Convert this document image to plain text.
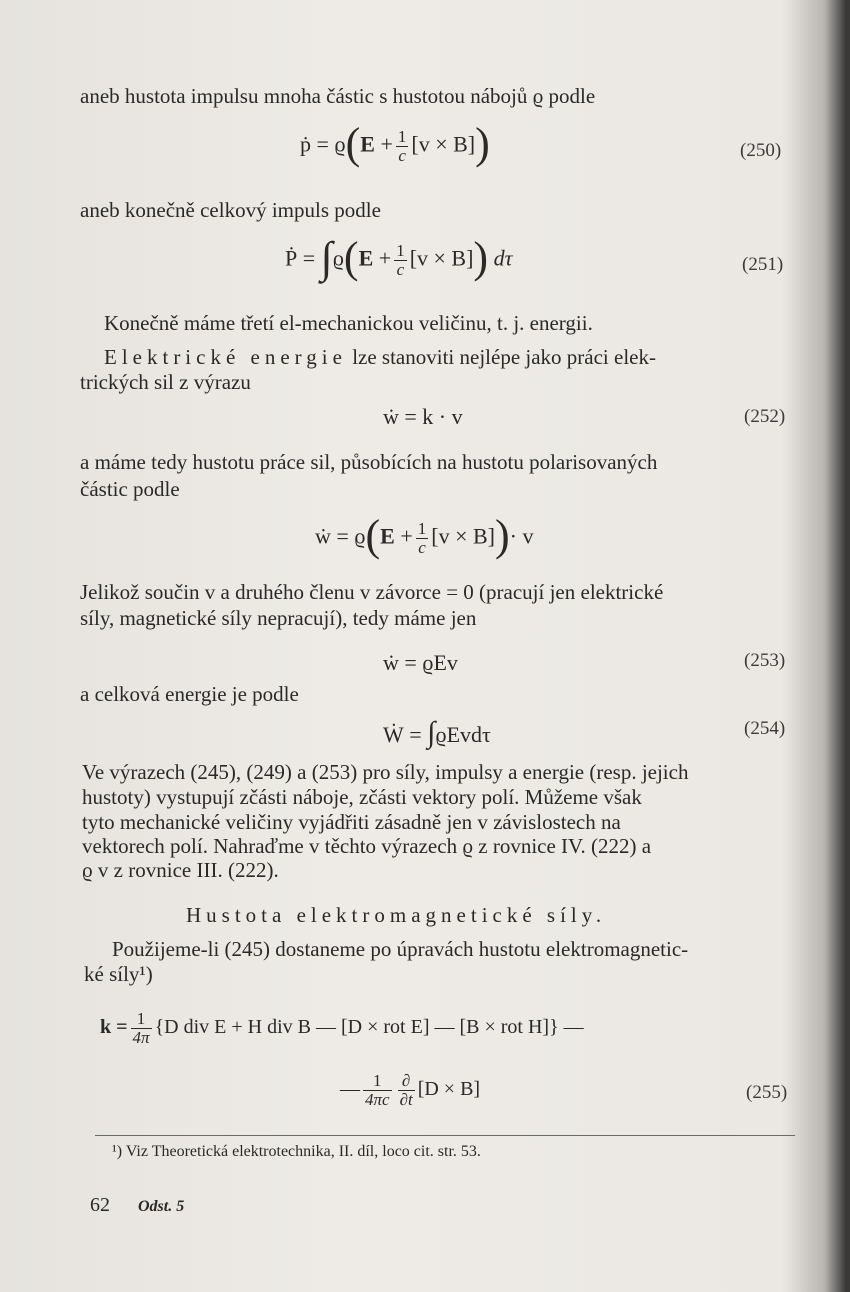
aneb hustota impulsu mnoha částic s hustotou nábojů ϱ podle
ṗ = $ϱ(E + \frac{1}{c} [v \times B])$	(250)
aneb konečně celkový impuls podle
Ṗ = $\int ϱ(E + \frac{1}{c} [v \times B])$ dτ	(251)
Konečně máme třetí el-mechanickou veličinu, t. j. energii.
Elektrické energie lze stanoviti nejlépe jako práci elek-
trických sil z výrazu
ẇ = k · v	(252)
a máme tedy hustotu práce sil, působících na hustotu polarisovaných
částic podle
ẇ = $ϱ(E + \frac{1}{c} [v \times B])\cdot v$
Jelikož součin v a druhého členu v závorce = 0 (pracují jen elektrické
síly, magnetické síly nepracují), tedy máme jen
ẇ = ϱEv	(253)
a celková energie je podle
Ẇ = ∫ϱEvdτ	(254)
Ve výrazech (245), (249) a (253) pro síly, impulsy a energie (resp. jejich
hustoty) vystupují zčásti náboje, zčásti vektory polí. Můžeme však
tyto mechanické veličiny vyjádřiti zásadně jen v závislostech na
vektorech polí. Nahraďme v těchto výrazech ϱ z rovnice IV. (222) a
ϱ v z rovnice III. (222).
Hustota elektromagnetické síly.
Použijeme-li (245) dostaneme po úpravách hustotu elektromagnetic-
ké síly¹)
$k = \frac{1}{4\pi} \{D$ div E + H div B — [D × rot E] — [B × rot H]} —
— $\frac{1}{4\pi c} \frac{\partial}{\partial t} [D \times B]$	(255)
¹) Viz Theoretická elektrotechnika, II. díl, loco cit. str. 53.
62 Odst. 5
